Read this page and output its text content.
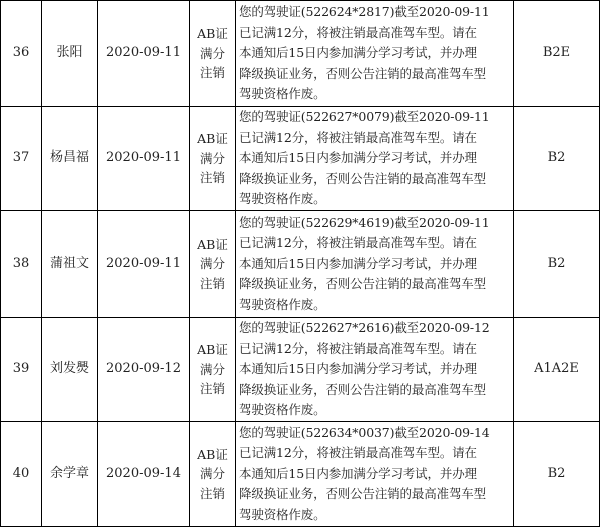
36	张阳	2020-09-11	AB证满分注销	您的驾驶证(522624*2817)截至2020-09-11
已记满12分，将被注销最高准驾车型。请在
本通知后15日内参加满分学习考试，并办理
降级换证业务，否则公告注销的最高准驾车型
驾驶资格作废。	B2E
37	杨昌福	2020-09-11	AB证满分注销	您的驾驶证(522627*0079)截至2020-09-11
已记满12分，将被注销最高准驾车型。请在
本通知后15日内参加满分学习考试，并办理
降级换证业务，否则公告注销的最高准驾车型
驾驶资格作废。	B2
38	蒲祖文	2020-09-11	AB证满分注销	您的驾驶证(522629*4619)截至2020-09-11
已记满12分，将被注销最高准驾车型。请在
本通知后15日内参加满分学习考试，并办理
降级换证业务，否则公告注销的最高准驾车型
驾驶资格作废。	B2
39	刘发爂	2020-09-12	AB证满分注销	您的驾驶证(522627*2616)截至2020-09-12
已记满12分，将被注销最高准驾车型。请在
本通知后15日内参加满分学习考试，并办理
降级换证业务，否则公告注销的最高准驾车型
驾驶资格作废。	A1A2E
40	余学章	2020-09-14	AB证满分注销	您的驾驶证(522634*0037)截至2020-09-14
已记满12分，将被注销最高准驾车型。请在
本通知后15日内参加满分学习考试，并办理
降级换证业务，否则公告注销的最高准驾车型
驾驶资格作废。	B2
